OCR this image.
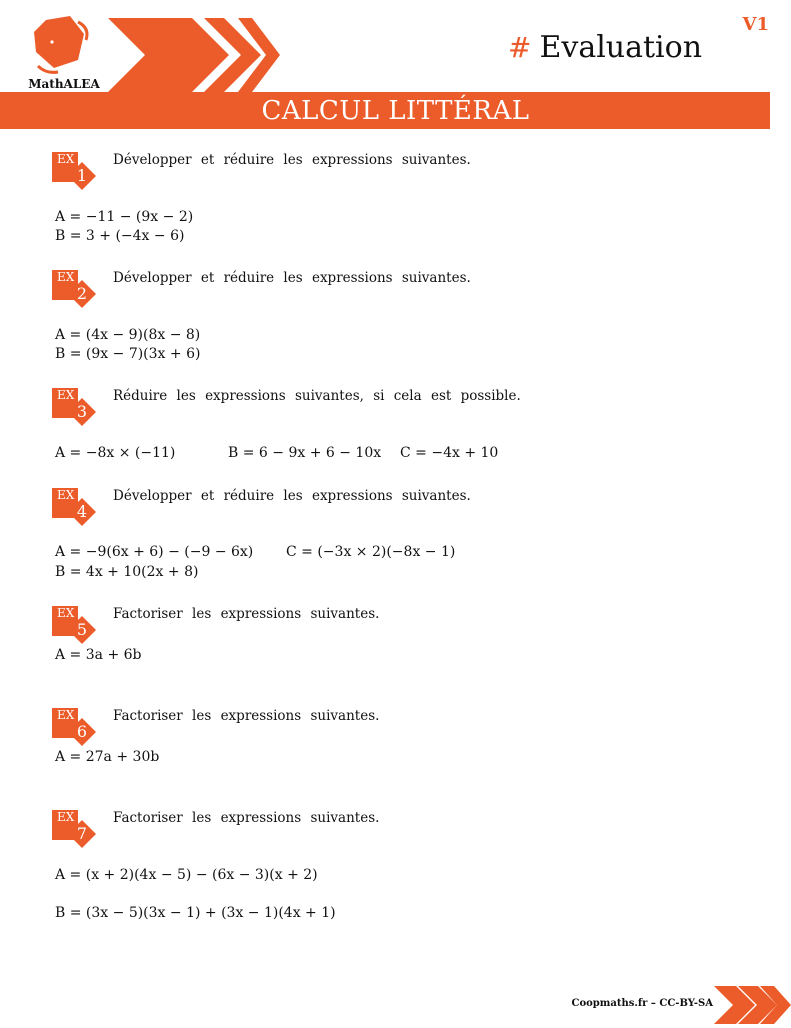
MathALEA
V1
# Evaluation
CALCUL LITTÉRAL
EX
1
Développer et réduire les expressions suivantes.
A = −11 − (9x − 2)
B = 3 + (−4x − 6)
EX
2
Développer et réduire les expressions suivantes.
A = (4x − 9)(8x − 8)
B = (9x − 7)(3x + 6)
EX
3
Réduire les expressions suivantes, si cela est possible.
A = −8x × (−11)	B = 6 − 9x + 6 − 10x C = −4x + 10
EX
4
Développer et réduire les expressions suivantes.
A = −9(6x + 6) − (−9 − 6x) C = (−3x × 2)(−8x − 1)
B = 4x + 10(2x + 8)
EX
5
Factoriser les expressions suivantes.
A = 3a + 6b
EX
6
Factoriser les expressions suivantes.
A = 27a + 30b
EX
7
Factoriser les expressions suivantes.
A = (x + 2)(4x − 5) − (6x − 3)(x + 2)
B = (3x − 5)(3x − 1) + (3x − 1)(4x + 1)
Coopmaths.fr – CC-BY-SA
